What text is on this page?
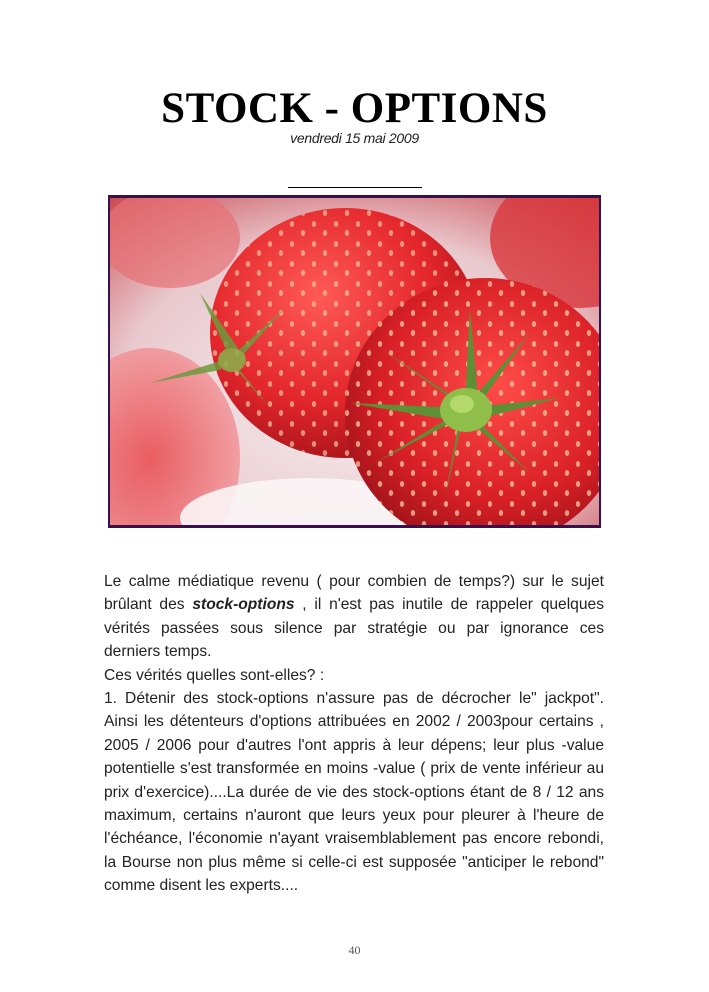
STOCK - OPTIONS
vendredi 15 mai 2009

Le calme médiatique revenu ( pour combien de temps?) sur le sujet brûlant des stock-options , il n'est pas inutile de rappeler quelques vérités passées sous silence par stratégie ou par ignorance ces derniers temps.

Ces vérités quelles sont-elles? :

1. Détenir des stock-options n'assure pas de décrocher le" jackpot". Ainsi les détenteurs d'options attribuées en 2002 / 2003pour certains , 2005 / 2006 pour d'autres l'ont appris à leur dépens; leur plus -value potentielle s'est transformée en moins -value ( prix de vente inférieur au prix d'exercice)....La durée de vie des stock-options étant de 8 / 12 ans maximum, certains n'auront que leurs yeux pour pleurer à l'heure de l'échéance, l'économie n'ayant vraisemblablement pas encore rebondi, la Bourse non plus même si celle-ci est supposée "anticiper le rebond" comme disent les experts....

40
